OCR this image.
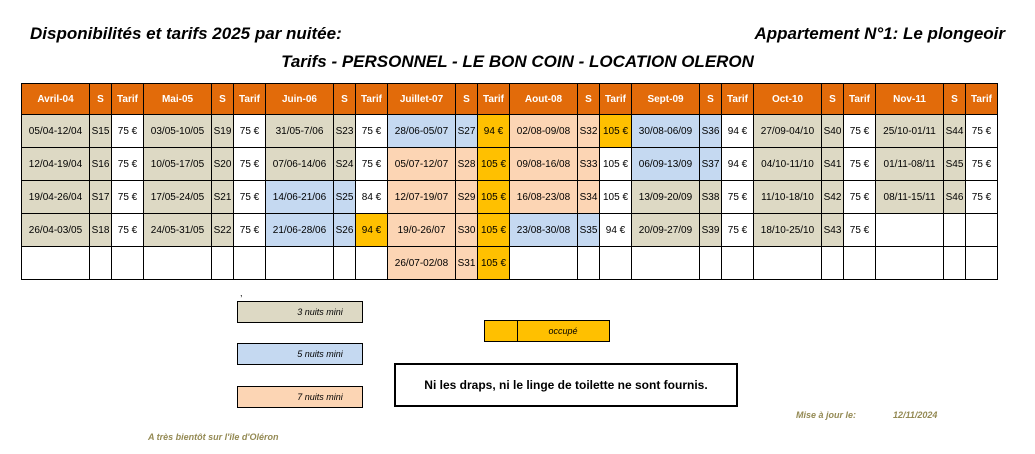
Disponibilités et tarifs 2025 par nuitée:	Appartement N°1: Le plongeoir
Tarifs - PERSONNEL - LE BON COIN - LOCATION OLERON
Avril-04	S	Tarif	Mai-05	S	Tarif	Juin-06	S	Tarif	Juillet-07	S	Tarif	Aout-08	S	Tarif	Sept-09	S	Tarif	Oct-10	S	Tarif	Nov-11	S	Tarif
05/04-12/04	S15	75 €	03/05-10/05	S19	75 €	31/05-7/06	S23	75 €	28/06-05/07	S27	94 €	02/08-09/08	S32	105 €	30/08-06/09	S36	94 €	27/09-04/10	S40	75 €	25/10-01/11	S44	75 €
12/04-19/04	S16	75 €	10/05-17/05	S20	75 €	07/06-14/06	S24	75 €	05/07-12/07	S28	105 €	09/08-16/08	S33	105 €	06/09-13/09	S37	94 €	04/10-11/10	S41	75 €	01/11-08/11	S45	75 €
19/04-26/04	S17	75 €	17/05-24/05	S21	75 €	14/06-21/06	S25	84 €	12/07-19/07	S29	105 €	16/08-23/08	S34	105 €	13/09-20/09	S38	75 €	11/10-18/10	S42	75 €	08/11-15/11	S46	75 €
26/04-03/05	S18	75 €	24/05-31/05	S22	75 €	21/06-28/06	S26	94 €	19/0-26/07	S30	105 €	23/08-30/08	S35	94 €	20/09-27/09	S39	75 €	18/10-25/10	S43	75 €			
									26/07-02/08	S31	105 €												
,
3 nuits mini
5 nuits mini
7 nuits mini
occupé
Ni les draps, ni le linge de toilette ne sont fournis.
Mise à jour le:	12/11/2024
A très bientôt sur l'île d'Oléron
